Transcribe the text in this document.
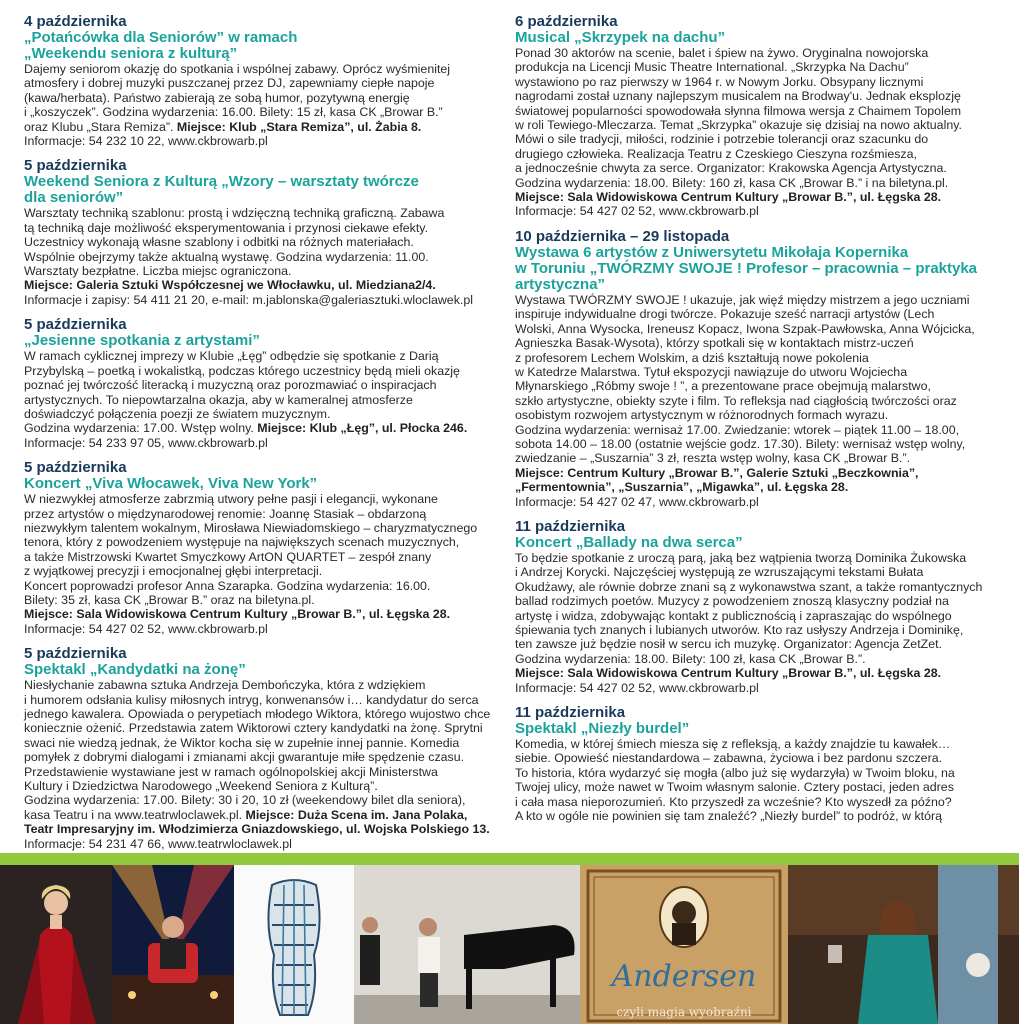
4 października
„Potańcówka dla Seniorów” w ramach
„Weekendu seniora z kulturą”

Dajemy seniorom okazję do spotkania i wspólnej zabawy. Oprócz wyśmienitej

atmosfery i dobrej muzyki puszczanej przez DJ, zapewniamy ciepłe napoje

(kawa/herbata). Państwo zabierają ze sobą humor, pozytywną energię

i „koszyczek”. Godzina wydarzenia: 16.00. Bilety: 15 zł, kasa CK „Browar B.”

oraz Klubu „Stara Remiza”. Miejsce: Klub „Stara Remiza”, ul. Żabia 8.

Informacje: 54 232 10 22, www.ckbrowarb.pl

5 października
Weekend Seniora z Kulturą „Wzory – warsztaty twórcze
dla seniorów”

Warsztaty techniką szablonu: prostą i wdzięczną techniką graficzną. Zabawa

tą techniką daje możliwość eksperymentowania i przynosi ciekawe efekty.

Uczestnicy wykonają własne szablony i odbitki na różnych materiałach.

Wspólnie obejrzymy także aktualną wystawę. Godzina wydarzenia: 11.00.

Warsztaty bezpłatne. Liczba miejsc ograniczona.

Miejsce: Galeria Sztuki Współczesnej we Włocławku, ul. Miedziana2/4.

Informacje i zapisy: 54 411 21 20, e-mail: m.jablonska@galeriasztuki.wloclawek.pl

5 października
„Jesienne spotkania z artystami”

W ramach cyklicznej imprezy w Klubie „Łęg” odbędzie się spotkanie z Darią

Przybylską – poetką i wokalistką, podczas którego uczestnicy będą mieli okazję

poznać jej twórczość literacką i muzyczną oraz porozmawiać o inspiracjach

artystycznych. To niepowtarzalna okazja, aby w kameralnej atmosferze

doświadczyć połączenia poezji ze światem muzycznym.

Godzina wydarzenia: 17.00. Wstęp wolny. Miejsce: Klub „Łęg”, ul. Płocka 246.

Informacje: 54 233 97 05, www.ckbrowarb.pl

5 października
Koncert „Viva Włocawek, Viva New York”

W niezwykłej atmosferze zabrzmią utwory pełne pasji i elegancji, wykonane

przez artystów o międzynarodowej renomie: Joannę Stasiak – obdarzoną

niezwykłym talentem wokalnym, Mirosława Niewiadomskiego – charyzmatycznego

tenora, który z powodzeniem występuje na największych scenach muzycznych,

a także Mistrzowski Kwartet Smyczkowy ArtON QUARTET – zespół znany

z wyjątkowej precyzji i emocjonalnej głębi interpretacji.

Koncert poprowadzi profesor Anna Szarapka. Godzina wydarzenia: 16.00.

Bilety: 35 zł, kasa CK „Browar B.” oraz na biletyna.pl.

Miejsce: Sala Widowiskowa Centrum Kultury „Browar B.”, ul. Łęgska 28.

Informacje: 54 427 02 52, www.ckbrowarb.pl

5 października
Spektakl „Kandydatki na żonę”

Niesłychanie zabawna sztuka Andrzeja Dembończyka, która z wdziękiem

i humorem odsłania kulisy miłosnych intryg, konwenansów i… kandydatur do serca

jednego kawalera. Opowiada o perypetiach młodego Wiktora, którego wujostwo chce

koniecznie ożenić. Przedstawia zatem Wiktorowi cztery kandydatki na żonę. Sprytni

swaci nie wiedzą jednak, że Wiktor kocha się w zupełnie innej pannie. Komedia

pomyłek z dobrymi dialogami i zmianami akcji gwarantuje miłe spędzenie czasu.

Przedstawienie wystawiane jest w ramach ogólnopolskiej akcji Ministerstwa

Kultury i Dziedzictwa Narodowego „Weekend Seniora z Kulturą”.

Godzina wydarzenia: 17.00. Bilety: 30 i 20, 10 zł (weekendowy bilet dla seniora),

kasa Teatru i na www.teatrwloclawek.pl. Miejsce: Duża Scena im. Jana Polaka, Teatr Impresaryjny im. Włodzimierza Gniazdowskiego, ul. Wojska Polskiego 13.

Informacje: 54 231 47 66, www.teatrwloclawek.pl

6 października
Musical „Skrzypek na dachu”

Ponad 30 aktorów na scenie, balet i śpiew na żywo. Oryginalna nowojorska

produkcja na Licencji Music Theatre International. „Skrzypka Na Dachu”

wystawiono po raz pierwszy w 1964 r. w Nowym Jorku. Obsypany licznymi

nagrodami został uznany najlepszym musicalem na Brodway'u. Jednak eksplozję

światowej popularności spowodowała słynna filmowa wersja z Chaimem Topolem

w roli Tewiego-Mleczarza. Temat „Skrzypka” okazuje się dzisiaj na nowo aktualny.

Mówi o sile tradycji, miłości, rodzinie i potrzebie tolerancji oraz szacunku do

drugiego człowieka. Realizacja Teatru z Czeskiego Cieszyna rozśmiesza,

a jednocześnie chwyta za serce. Organizator: Krakowska Agencja Artystyczna.

Godzina wydarzenia: 18.00. Bilety: 160 zł, kasa CK „Browar B.” i na biletyna.pl.

Miejsce: Sala Widowiskowa Centrum Kultury „Browar B.”, ul. Łęgska 28.

Informacje: 54 427 02 52, www.ckbrowarb.pl

10 października – 29 listopada
Wystawa 6 artystów z Uniwersytetu Mikołaja Kopernika
w Toruniu „TWÓRZMY SWOJE ! Profesor – pracownia – praktyka
artystyczna”

Wystawa TWÓRZMY SWOJE ! ukazuje, jak więź między mistrzem a jego uczniami

inspiruje indywidualne drogi twórcze. Pokazuje sześć narracji artystów (Lech

Wolski, Anna Wysocka, Ireneusz Kopacz, Iwona Szpak-Pawłowska, Anna Wójcicka,

Agnieszka Basak-Wysota), którzy spotkali się w kontaktach mistrz-uczeń

z profesorem Lechem Wolskim, a dziś kształtują nowe pokolenia

w Katedrze Malarstwa. Tytuł ekspozycji nawiązuje do utworu Wojciecha

Młynarskiego „Róbmy swoje ! ”, a prezentowane prace obejmują malarstwo,

szkło artystyczne, obiekty szyte i film. To refleksja nad ciągłością twórczości oraz

osobistym rozwojem artystycznym w różnorodnych formach wyrazu.

Godzina wydarzenia: wernisaż 17.00. Zwiedzanie: wtorek – piątek 11.00 – 18.00,

sobota 14.00 – 18.00 (ostatnie wejście godz. 17.30). Bilety: wernisaż wstęp wolny,

zwiedzanie – „Suszarnia” 3 zł, reszta wstęp wolny, kasa CK „Browar B.”.

Miejsce: Centrum Kultury „Browar B.”, Galerie Sztuki „Beczkownia”, „Fermentownia”, „Suszarnia”, „Migawka”, ul. Łęgska 28.

Informacje: 54 427 02 47, www.ckbrowarb.pl

11 października
Koncert „Ballady na dwa serca”

To będzie spotkanie z uroczą parą, jaką bez wątpienia tworzą Dominika Żukowska

i Andrzej Korycki. Najczęściej występują ze wzruszającymi tekstami Bułata

Okudżawy, ale równie dobrze znani są z wykonawstwa szant, a także romantycznych

ballad rodzimych poetów. Muzycy z powodzeniem znoszą klasyczny podział na

artystę i widza, zdobywając kontakt z publicznością i zapraszając do wspólnego

śpiewania tych znanych i lubianych utworów. Kto raz usłyszy Andrzeja i Dominikę,

ten zawsze już będzie nosił w sercu ich muzykę. Organizator: Agencja ZetZet.

Godzina wydarzenia: 18.00. Bilety: 100 zł, kasa CK „Browar B.”.

Miejsce: Sala Widowiskowa Centrum Kultury „Browar B.”, ul. Łęgska 28.

Informacje: 54 427 02 52, www.ckbrowarb.pl

11 października
Spektakl „Niezły burdel”

Komedia, w której śmiech miesza się z refleksją, a każdy znajdzie tu kawałek…

siebie. Opowieść niestandardowa – zabawna, życiowa i bez pardonu szczera.

To historia, która wydarzyć się mogła (albo już się wydarzyła) w Twoim bloku, na

Twojej ulicy, może nawet w Twoim własnym salonie. Cztery postaci, jeden adres

i cała masa nieporozumień. Kto przyszedł za wcześnie? Kto wyszedł za późno?

A kto w ogóle nie powinien się tam znaleźć? „Niezły burdel” to podróż, w którą

Andersen
czyli magia wyobraźni
